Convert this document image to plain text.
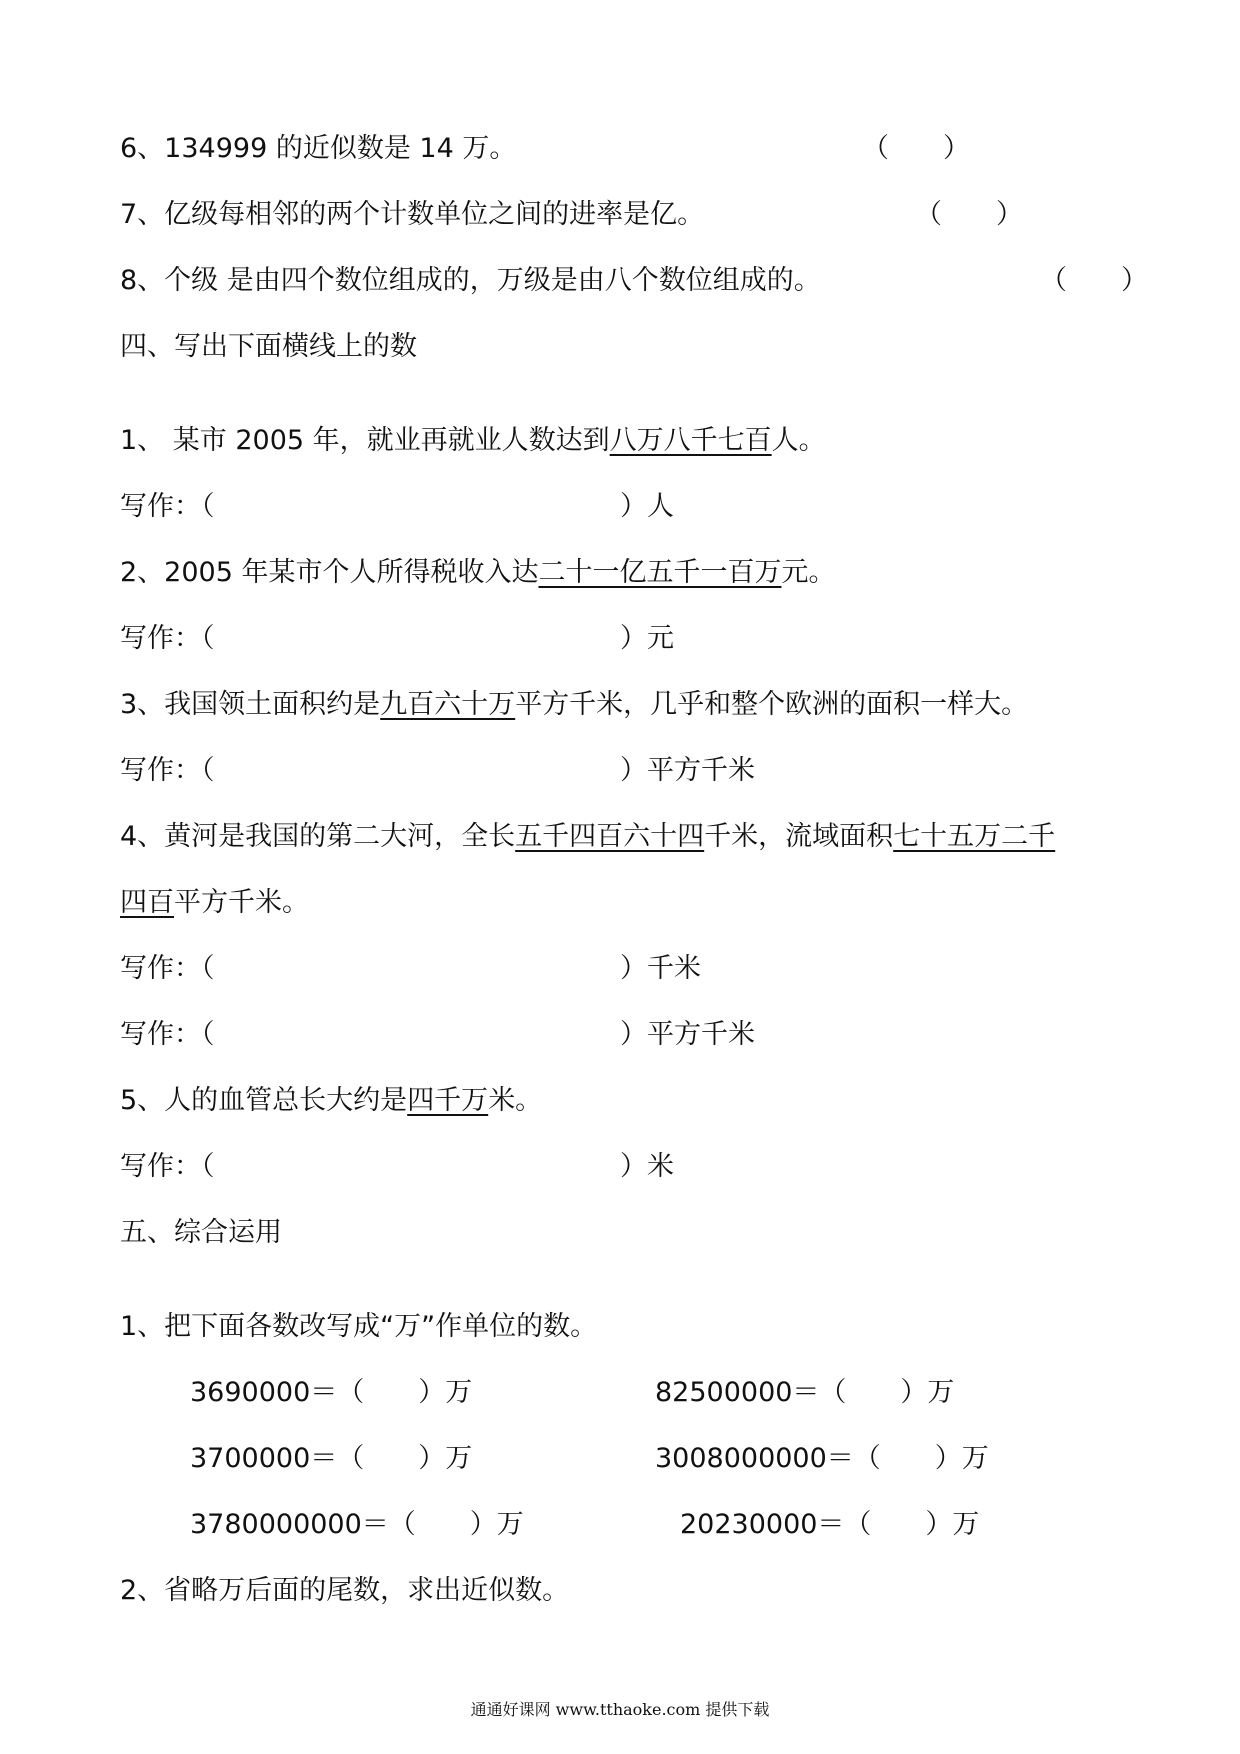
6、134999 的近似数是 14 万。	（　　）
7、亿级每相邻的两个计数单位之间的进率是亿。	（　　）
8、个级 是由四个数位组成的，万级是由八个数位组成的。	（　　）
四、写出下面横线上的数
1、 某市 2005 年，就业再就业人数达到八万八千七百人。
写作：（	）人
2、2005 年某市个人所得税收入达二十一亿五千一百万元。
写作：（	）元
3、我国领土面积约是九百六十万平方千米，几乎和整个欧洲的面积一样大。
写作：（	）平方千米
4、黄河是我国的第二大河，全长五千四百六十四千米，流域面积七十五万二千
四百平方千米。
写作：（	）千米
写作：（	）平方千米
5、人的血管总长大约是四千万米。
写作：（	）米
五、综合运用
1、把下面各数改写成“万”作单位的数。
3690000＝（　　）万	82500000＝（　　）万
3700000＝（　　）万	3008000000＝（　　）万
3780000000＝（　　）万	20230000＝（　　）万
2、省略万后面的尾数，求出近似数。
通通好课网 www.tthaoke.com 提供下载
